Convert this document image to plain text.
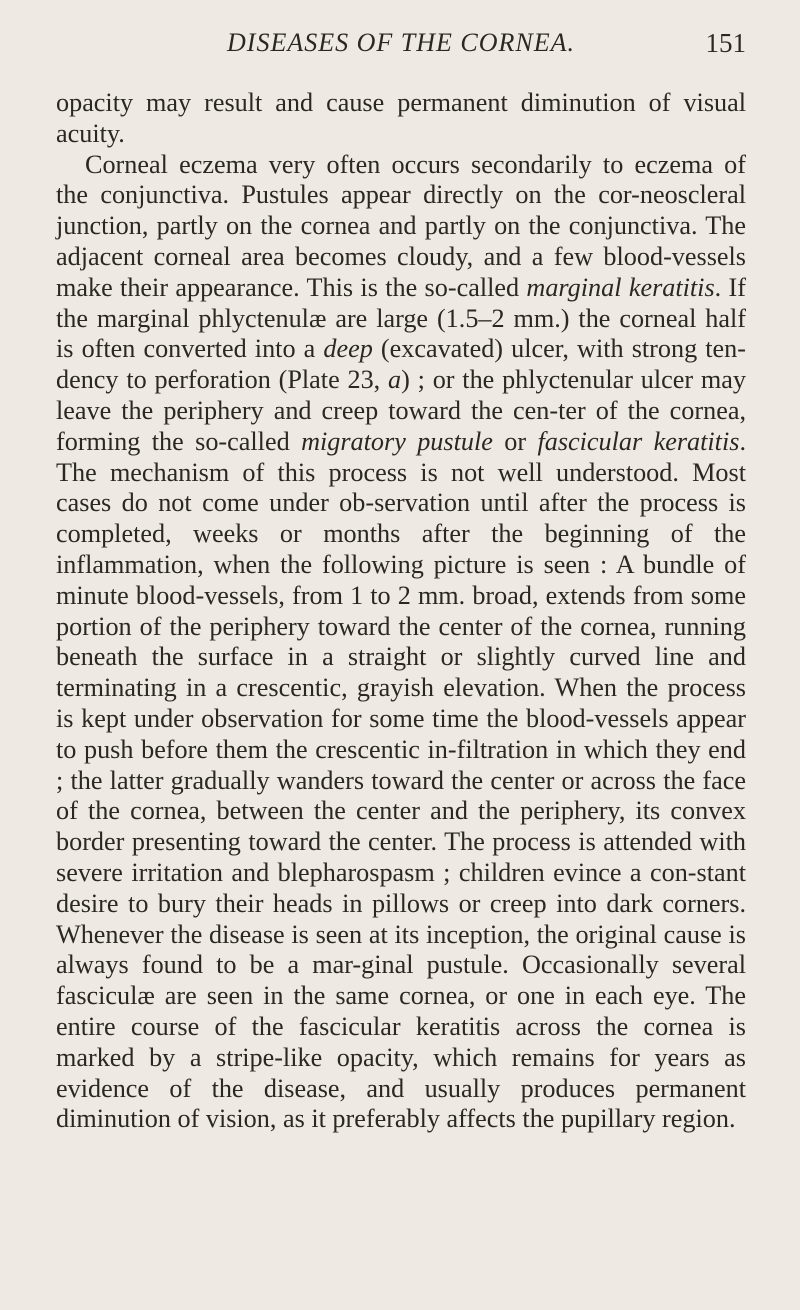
DISEASES OF THE CORNEA.	151

opacity may result and cause permanent diminution of visual acuity.

Corneal eczema very often occurs secondarily to eczema of the conjunctiva. Pustules appear directly on the cor-neoscleral junction, partly on the cornea and partly on the conjunctiva. The adjacent corneal area becomes cloudy, and a few blood-vessels make their appearance. This is the so-called marginal keratitis. If the marginal phlyctenulæ are large (1.5–2 mm.) the corneal half is often converted into a deep (excavated) ulcer, with strong ten-dency to perforation (Plate 23, a) ; or the phlyctenular ulcer may leave the periphery and creep toward the cen-ter of the cornea, forming the so-called migratory pustule or fascicular keratitis. The mechanism of this process is not well understood. Most cases do not come under ob-servation until after the process is completed, weeks or months after the beginning of the inflammation, when the following picture is seen : A bundle of minute blood-vessels, from 1 to 2 mm. broad, extends from some portion of the periphery toward the center of the cornea, running beneath the surface in a straight or slightly curved line and terminating in a crescentic, grayish elevation. When the process is kept under observation for some time the blood-vessels appear to push before them the crescentic in-filtration in which they end ; the latter gradually wanders toward the center or across the face of the cornea, between the center and the periphery, its convex border presenting toward the center. The process is attended with severe irritation and blepharospasm ; children evince a con-stant desire to bury their heads in pillows or creep into dark corners. Whenever the disease is seen at its inception, the original cause is always found to be a mar-ginal pustule. Occasionally several fasciculæ are seen in the same cornea, or one in each eye. The entire course of the fascicular keratitis across the cornea is marked by a stripe-like opacity, which remains for years as evidence of the disease, and usually produces permanent diminution of vision, as it preferably affects the pupillary region.
